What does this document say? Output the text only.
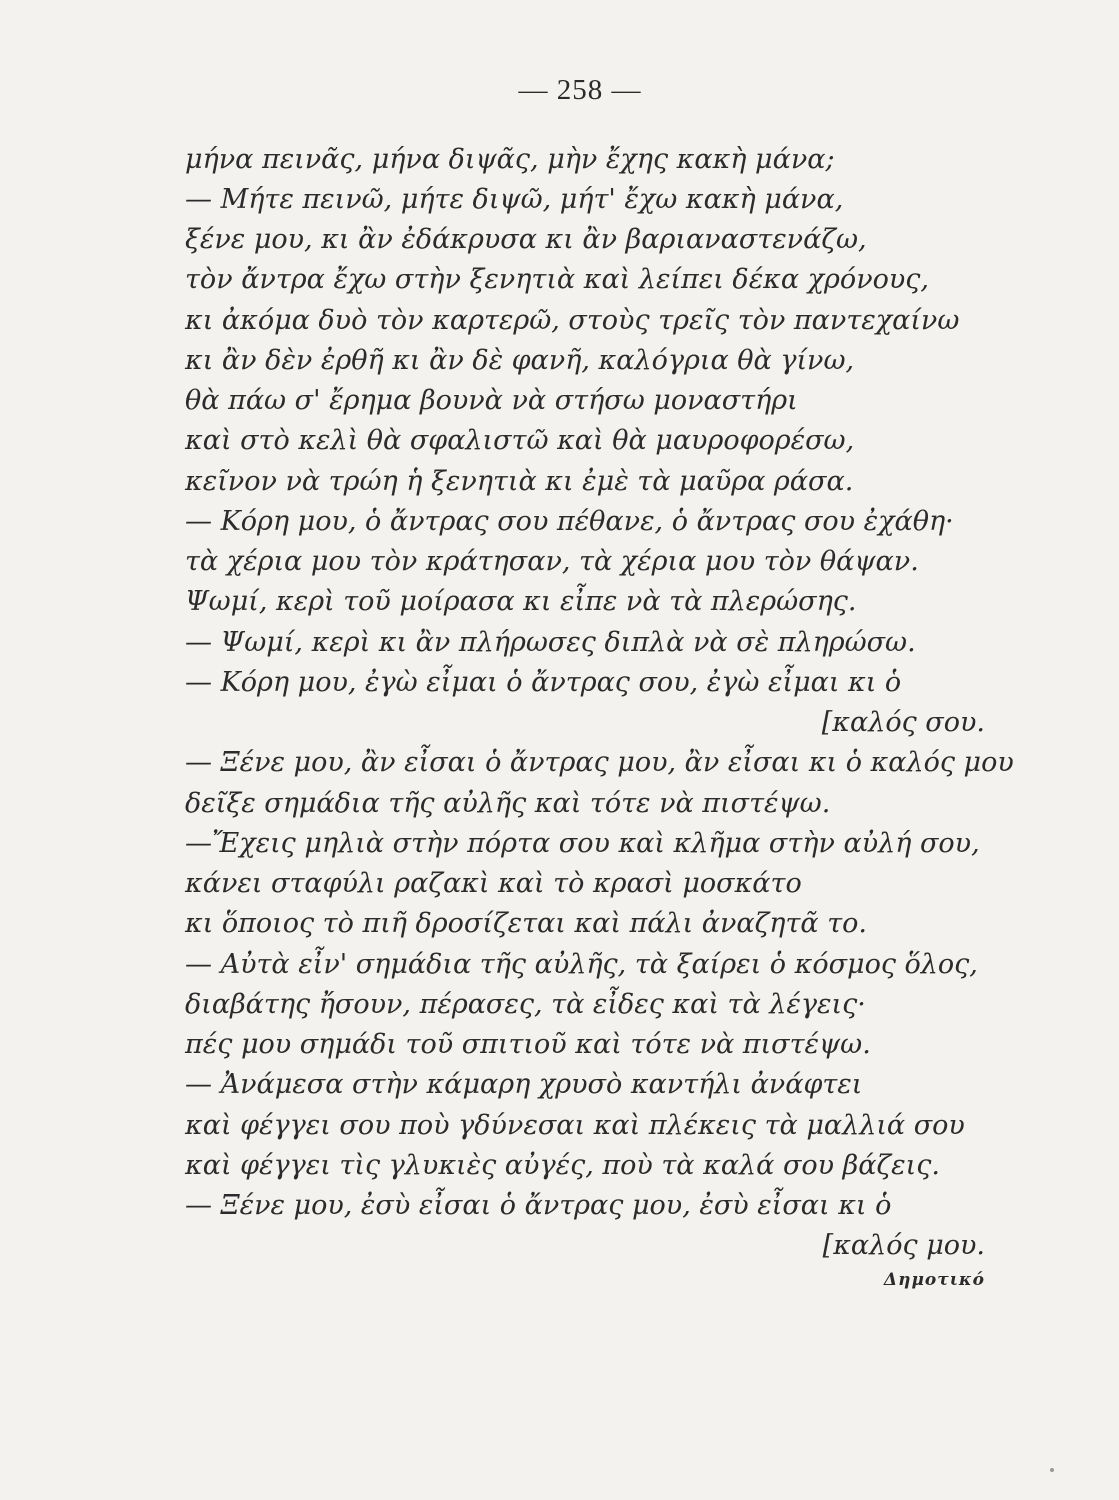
— 258 —
μήνα πεινᾶς, μήνα διψᾶς, μὴν ἔχης κακὴ μάνα;
— Μήτε πεινῶ, μήτε διψῶ, μήτ' ἔχω κακὴ μάνα,
ξένε μου, κι ἂν ἐδάκρυσα κι ἂν βαριαναστενάζω,
τὸν ἄντρα ἔχω στὴν ξενητιὰ καὶ λείπει δέκα χρόνους,
κι ἀκόμα δυὸ τὸν καρτερῶ, στοὺς τρεῖς τὸν παντεχαίνω
κι ἂν δὲν ἐρθῆ κι ἂν δὲ φανῆ, καλόγρια θὰ γίνω,
θὰ πάω σ' ἔρημα βουνὰ νὰ στήσω μοναστήρι
καὶ στὸ κελὶ θὰ σφαλιστῶ καὶ θὰ μαυροφορέσω,
κεῖνον νὰ τρώη ἡ ξενητιὰ κι ἐμὲ τὰ μαῦρα ράσα.
— Κόρη μου, ὁ ἄντρας σου πέθανε, ὁ ἄντρας σου ἐχάθη·
τὰ χέρια μου τὸν κράτησαν, τὰ χέρια μου τὸν θάψαν.
Ψωμί, κερὶ τοῦ μοίρασα κι εἶπε νὰ τὰ πλερώσης.
— Ψωμί, κερὶ κι ἂν πλήρωσες διπλὰ νὰ σὲ πληρώσω.
— Κόρη μου, ἐγὼ εἶμαι ὁ ἄντρας σου, ἐγὼ εἶμαι κι ὁ
[καλός σου.
— Ξένε μου, ἂν εἶσαι ὁ ἄντρας μου, ἂν εἶσαι κι ὁ καλός μου
δεῖξε σημάδια τῆς αὐλῆς καὶ τότε νὰ πιστέψω.
—Ἔχεις μηλιὰ στὴν πόρτα σου καὶ κλῆμα στὴν αὐλή σου,
κάνει σταφύλι ραζακὶ καὶ τὸ κρασὶ μοσκάτο
κι ὅποιος τὸ πιῆ δροσίζεται καὶ πάλι ἀναζητᾶ το.
— Αὐτὰ εἶν' σημάδια τῆς αὐλῆς, τὰ ξαίρει ὁ κόσμος ὅλος,
διαβάτης ἤσουν, πέρασες, τὰ εἶδες καὶ τὰ λέγεις·
πές μου σημάδι τοῦ σπιτιοῦ καὶ τότε νὰ πιστέψω.
— Ἀνάμεσα στὴν κάμαρη χρυσὸ καντήλι ἀνάφτει
καὶ φέγγει σου ποὺ γδύνεσαι καὶ πλέκεις τὰ μαλλιά σου
καὶ φέγγει τὶς γλυκιὲς αὐγές, ποὺ τὰ καλά σου βάζεις.
— Ξένε μου, ἐσὺ εἶσαι ὁ ἄντρας μου, ἐσὺ εἶσαι κι ὁ
[καλός μου.
Δημοτικό
